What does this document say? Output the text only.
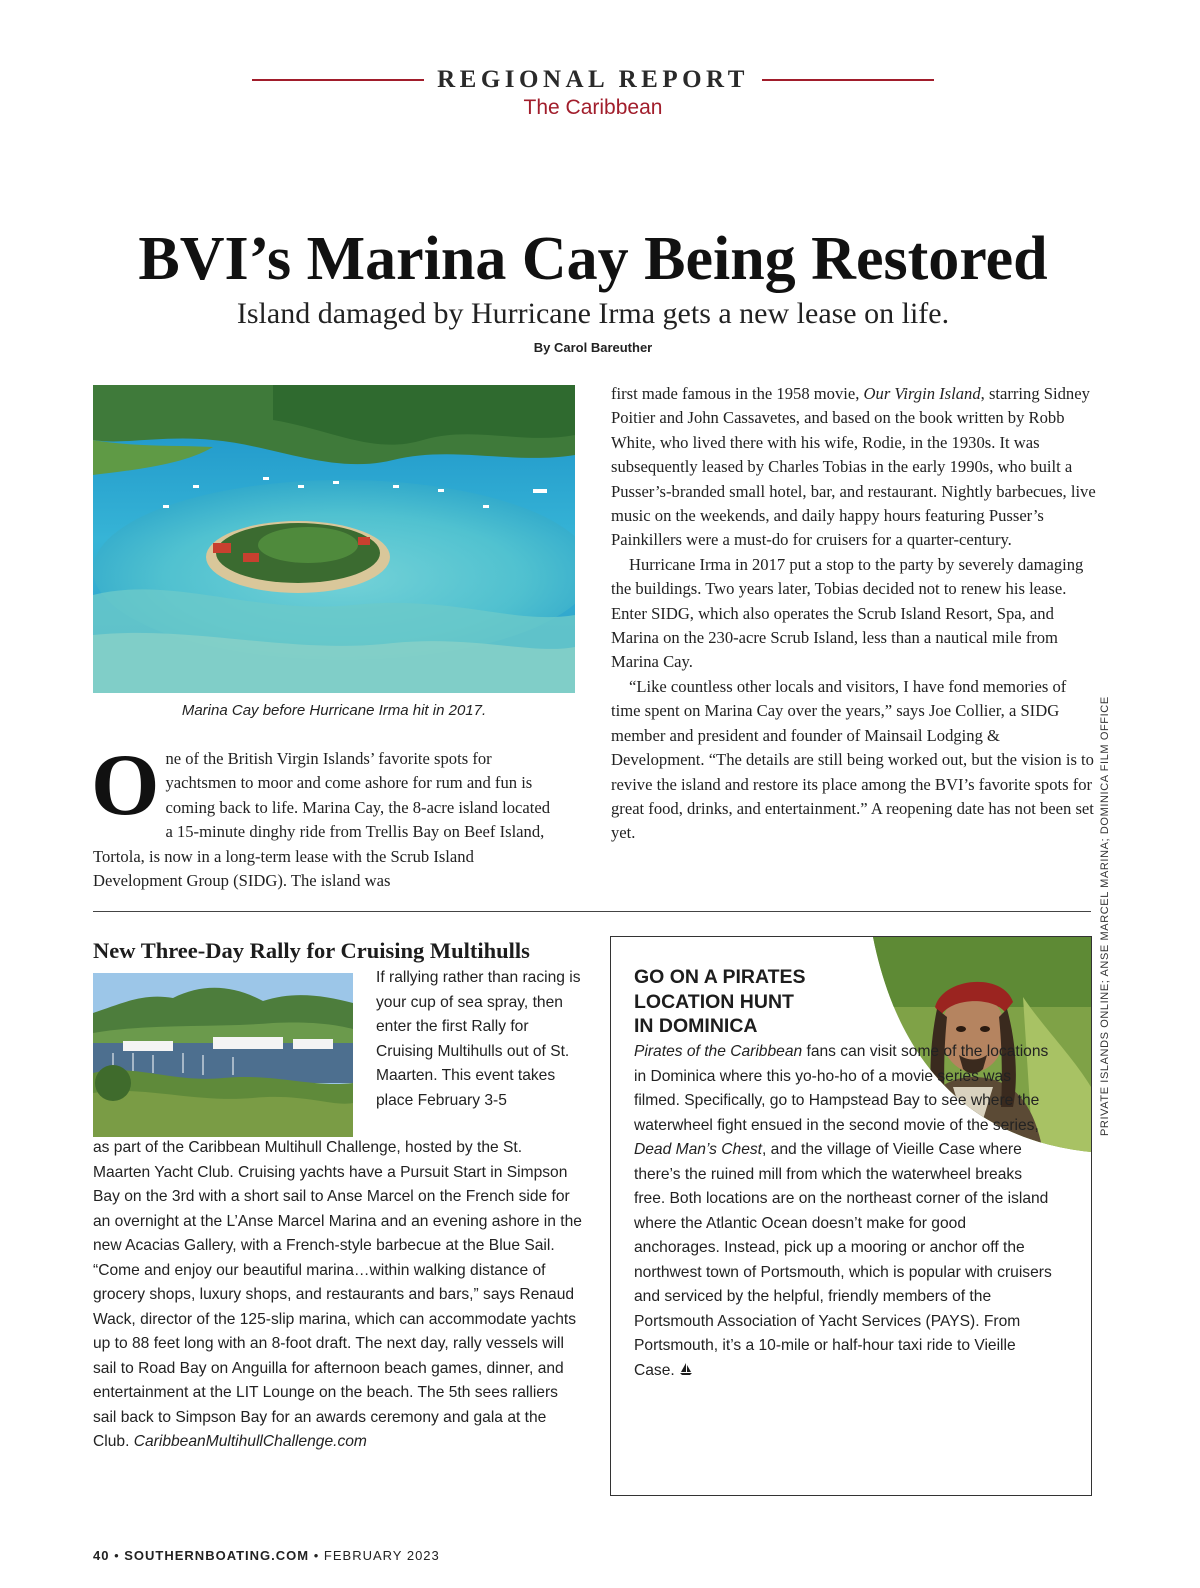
REGIONAL REPORT
The Caribbean
BVI’s Marina Cay Being Restored
Island damaged by Hurricane Irma gets a new lease on life.
By Carol Bareuther
Marina Cay before Hurricane Irma hit in 2017.
One of the British Virgin Islands’ favorite spots for yachtsmen to moor and come ashore for rum and fun is coming back to life. Marina Cay, the 8-acre island located a 15-minute dinghy ride from Trellis Bay on Beef Island, Tortola, is now in a long-term lease with the Scrub Island Development Group (SIDG). The island was

first made famous in the 1958 movie, Our Virgin Island, starring Sidney Poitier and John Cassavetes, and based on the book written by Robb White, who lived there with his wife, Rodie, in the 1930s. It was subsequently leased by Charles Tobias in the early 1990s, who built a Pusser’s-branded small hotel, bar, and restaurant. Nightly barbecues, live music on the weekends, and daily happy hours featuring Pusser’s Painkillers were a must-do for cruisers for a quarter-century.

Hurricane Irma in 2017 put a stop to the party by severely damaging the buildings. Two years later, Tobias decided not to renew his lease. Enter SIDG, which also operates the Scrub Island Resort, Spa, and Marina on the 230-acre Scrub Island, less than a nautical mile from Marina Cay.

“Like countless other locals and visitors, I have fond memories of time spent on Marina Cay over the years,” says Joe Collier, a SIDG member and president and founder of Mainsail Lodging & Development. “The details are still being worked out, but the vision is to revive the island and restore its place among the BVI’s favorite spots for great food, drinks, and entertainment.” A reopening date has not been set yet.

New Three-Day Rally for Cruising Multihulls
If rallying rather than racing is your cup of sea spray, then enter the first Rally for Cruising Multihulls out of St. Maarten. This event takes place February 3-5
as part of the Caribbean Multihull Challenge, hosted by the St. Maarten Yacht Club. Cruising yachts have a Pursuit Start in Simpson Bay on the 3rd with a short sail to Anse Marcel on the French side for an overnight at the L’Anse Marcel Marina and an evening ashore in the new Acacias Gallery, with a French-style barbecue at the Blue Sail. “Come and enjoy our beautiful marina…within walking distance of grocery shops, luxury shops, and restaurants and bars,” says Renaud Wack, director of the 125-slip marina, which can accommodate yachts up to 88 feet long with an 8-foot draft. The next day, rally vessels will sail to Road Bay on Anguilla for afternoon beach games, dinner, and entertainment at the LIT Lounge on the beach. The 5th sees ralliers sail back to Simpson Bay for an awards ceremony and gala at the Club. CaribbeanMultihullChallenge.com
GO ON A PIRATES
LOCATION HUNT
IN DOMINICA
Pirates of the Caribbean fans can visit some of the locations in Dominica where this yo-ho-ho of a movie series was filmed. Specifically, go to Hampstead Bay to see where the waterwheel fight ensued in the second movie of the series, Dead Man’s Chest, and the village of Vieille Case where there’s the ruined mill from which the waterwheel breaks free. Both locations are on the northeast corner of the island where the Atlantic Ocean doesn’t make for good anchorages. Instead, pick up a mooring or anchor off the northwest town of Portsmouth, which is popular with cruisers and serviced by the helpful, friendly members of the Portsmouth Association of Yacht Services (PAYS). From Portsmouth, it’s a 10-mile or half-hour taxi ride to Vieille Case.
PRIVATE ISLANDS ONLINE; ANSE MARCEL MARINA; DOMINICA FILM OFFICE
40 • SOUTHERNBOATING.COM • FEBRUARY 2023
